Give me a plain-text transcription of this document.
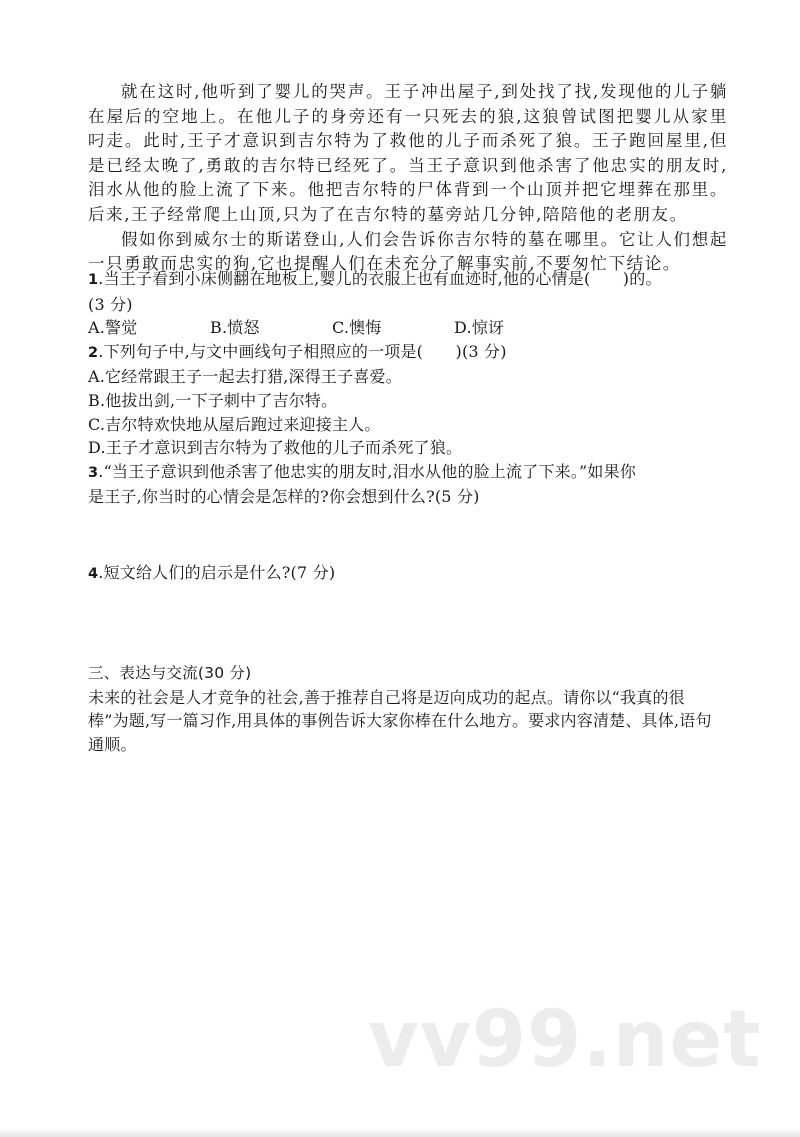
就在这时,他听到了婴儿的哭声。王子冲出屋子,到处找了找,发现他的儿子躺在屋后的空地上。在他儿子的身旁还有一只死去的狼,这狼曾试图把婴儿从家里叼走。此时,王子才意识到吉尔特为了救他的儿子而杀死了狼。王子跑回屋里,但是已经太晚了,勇敢的吉尔特已经死了。当王子意识到他杀害了他忠实的朋友时,泪水从他的脸上流了下来。他把吉尔特的尸体背到一个山顶并把它埋葬在那里。后来,王子经常爬上山顶,只为了在吉尔特的墓旁站几分钟,陪陪他的老朋友。

假如你到威尔士的斯诺登山,人们会告诉你吉尔特的墓在哪里。它让人们想起一只勇敢而忠实的狗,它也提醒人们在未充分了解事实前,不要匆忙下结论。

1.当王子看到小床侧翻在地板上,婴儿的衣服上也有血迹时,他的心情是(　　)的。
(3 分)
A.警觉	B.愤怒	C.懊悔	D.惊讶
2.下列句子中,与文中画线句子相照应的一项是(　　)(3 分)
A.它经常跟王子一起去打猎,深得王子喜爱。
B.他拔出剑,一下子刺中了吉尔特。
C.吉尔特欢快地从屋后跑过来迎接主人。
D.王子才意识到吉尔特为了救他的儿子而杀死了狼。
3.“当王子意识到他杀害了他忠实的朋友时,泪水从他的脸上流了下来。”如果你
是王子,你当时的心情会是怎样的?你会想到什么?(5 分)
4.短文给人们的启示是什么?(7 分)
三、表达与交流(30 分)
未来的社会是人才竞争的社会,善于推荐自己将是迈向成功的起点。请你以“我真的很棒”为题,写一篇习作,用具体的事例告诉大家你棒在什么地方。要求内容清楚、具体,语句通顺。
vv99.net
